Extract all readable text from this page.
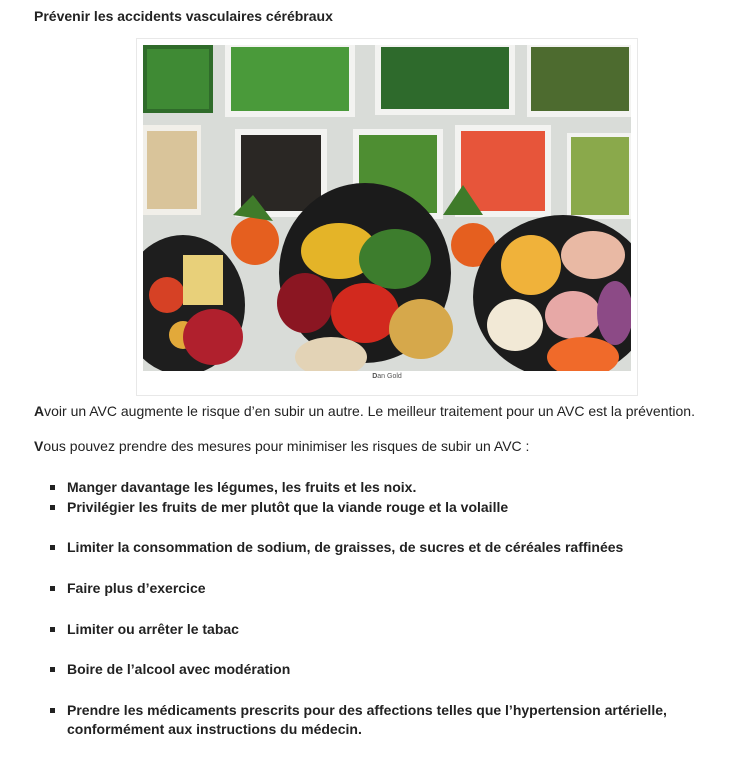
Prévenir les accidents vasculaires cérébraux
Dan Gold

Avoir un AVC augmente le risque d’en subir un autre. Le meilleur traitement pour un AVC est la prévention.

Vous pouvez prendre des mesures pour minimiser les risques de subir un AVC :

Manger davantage les légumes, les fruits et les noix.
Privilégier les fruits de mer plutôt que la viande rouge et la volaille
Limiter la consommation de sodium, de graisses, de sucres et de céréales raffinées
Faire plus d’exercice
Limiter ou arrêter le tabac
Boire de l’alcool avec modération
Prendre les médicaments prescrits pour des affections telles que l’hypertension artérielle, conformément aux instructions du médecin.
